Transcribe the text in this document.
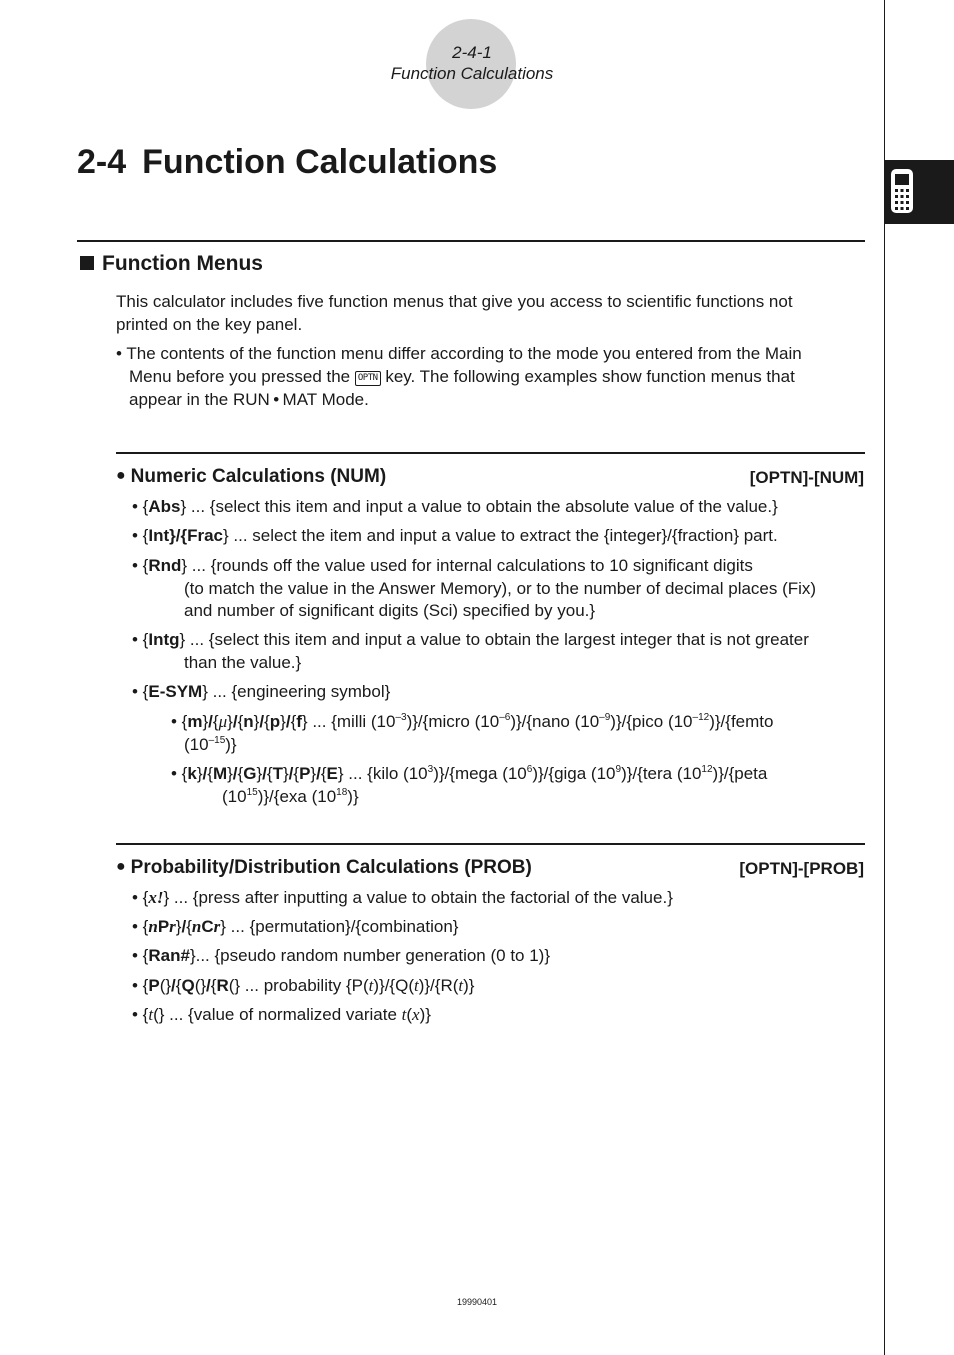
2-4-1
Function Calculations
2-4 Function Calculations
Function Menus
This calculator includes five function menus that give you access to scientific functions not
printed on the key panel.
• The contents of the function menu differ according to the mode you entered from the Main
Menu before you pressed the OPTN key. The following examples show function menus that
appear in the RUN • MAT Mode.
● Numeric Calculations (NUM)	[OPTN]-[NUM]
• {Abs} ... {select this item and input a value to obtain the absolute value of the value.}
• {Int}/{Frac} ... select the item and input a value to extract the {integer}/{fraction} part.
• {Rnd} ... {rounds off the value used for internal calculations to 10 significant digits
(to match the value in the Answer Memory), or to the number of decimal places (Fix)
and number of significant digits (Sci) specified by you.}
• {Intg} ... {select this item and input a value to obtain the largest integer that is not greater
than the value.}
• {E-SYM} ... {engineering symbol}
• {m}/{μ}/{n}/{p}/{f} ... {milli $(10^{-3})\}/\{micro$ $(10^{-6})\}/\{nano$ $(10^{-9})\}/\{pico$ $(10^{-12})\}/\{femto$
$(10^{-15})$}
• {k}/{M}/{G}/{T}/{P}/{E} ... {kilo $(10^3)\}/\{mega$ $(10^6)\}/\{giga$ $(10^9)\}/\{tera$ $(10^{12})\}/\{peta$
$(10^{15})\}/\{exa$ $(10^{18})$}
● Probability/Distribution Calculations (PROB)	[OPTN]-[PROB]
• {x!} ... {press after inputting a value to obtain the factorial of the value.}
• {nPr}/{nCr} ... {permutation}/{combination}
• {Ran#}... {pseudo random number generation (0 to 1)}
• {P(}/{Q(}/{R(} ... probability {P(t)}/{Q(t)}/{R(t)}
• {t(} ... {value of normalized variate t(x)}
19990401
